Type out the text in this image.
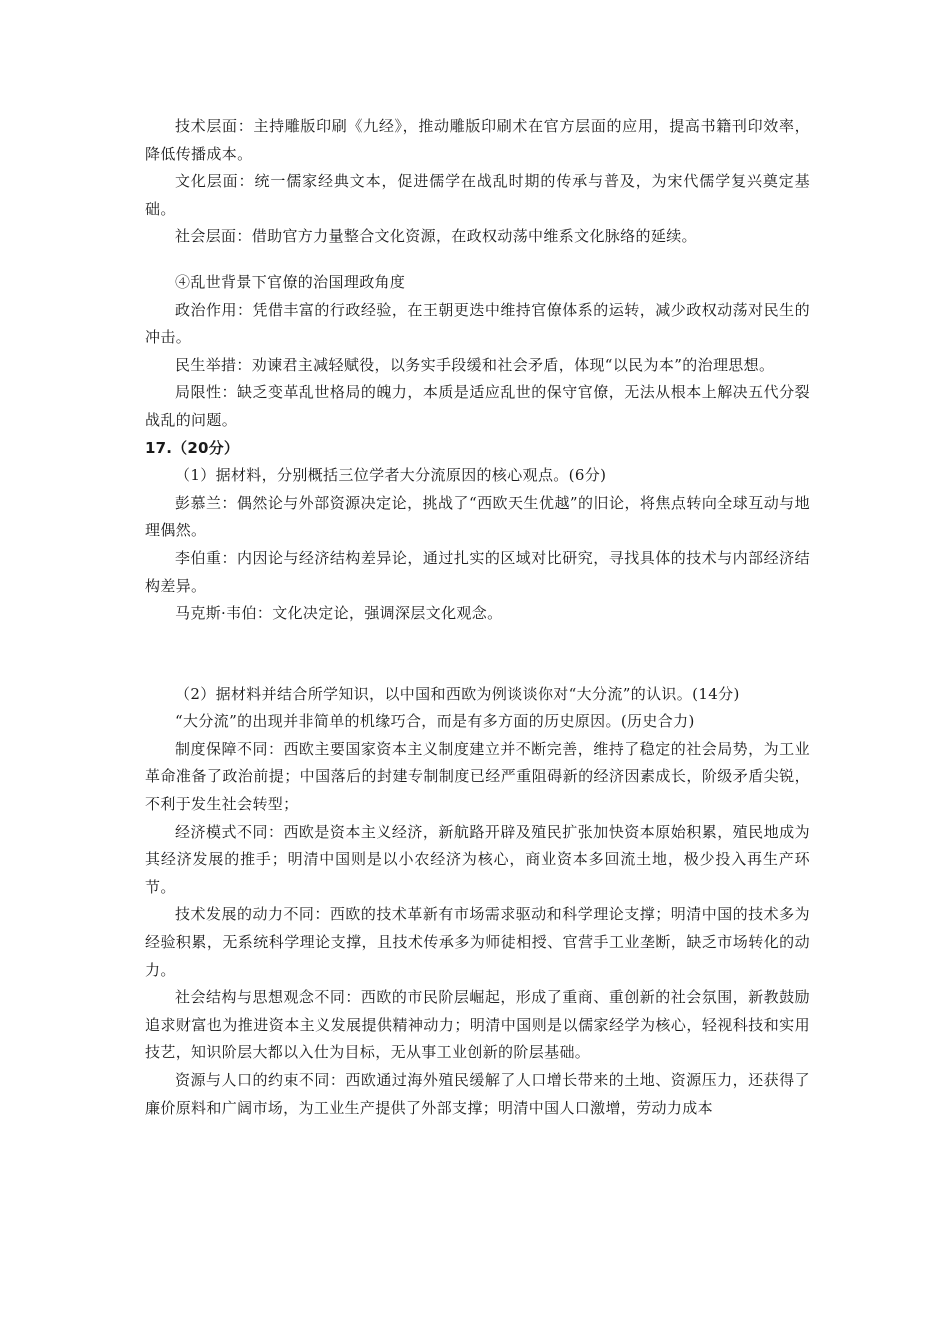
技术层面：主持雕版印刷《九经》，推动雕版印刷术在官方层面的应用，提高书籍刊印效率，降低传播成本。

文化层面：统一儒家经典文本，促进儒学在战乱时期的传承与普及，为宋代儒学复兴奠定基础。

社会层面：借助官方力量整合文化资源，在政权动荡中维系文化脉络的延续。

④乱世背景下官僚的治国理政角度

政治作用：凭借丰富的行政经验，在王朝更迭中维持官僚体系的运转，减少政权动荡对民生的冲击。

民生举措：劝谏君主减轻赋役，以务实手段缓和社会矛盾，体现“以民为本”的治理思想。

局限性：缺乏变革乱世格局的魄力，本质是适应乱世的保守官僚，无法从根本上解决五代分裂战乱的问题。

17.（20分）

（1）据材料，分别概括三位学者大分流原因的核心观点。(6分)

彭慕兰：偶然论与外部资源决定论，挑战了“西欧天生优越”的旧论，将焦点转向全球互动与地理偶然。

李伯重：内因论与经济结构差异论，通过扎实的区域对比研究，寻找具体的技术与内部经济结构差异。

马克斯·韦伯：文化决定论，强调深层文化观念。

（2）据材料并结合所学知识，以中国和西欧为例谈谈你对“大分流”的认识。(14分)

“大分流”的出现并非简单的机缘巧合，而是有多方面的历史原因。(历史合力)

制度保障不同：西欧主要国家资本主义制度建立并不断完善，维持了稳定的社会局势，为工业革命准备了政治前提；中国落后的封建专制制度已经严重阻碍新的经济因素成长，阶级矛盾尖锐，不利于发生社会转型；

经济模式不同：西欧是资本主义经济，新航路开辟及殖民扩张加快资本原始积累，殖民地成为其经济发展的推手；明清中国则是以小农经济为核心，商业资本多回流土地，极少投入再生产环节。

技术发展的动力不同：西欧的技术革新有市场需求驱动和科学理论支撑；明清中国的技术多为经验积累，无系统科学理论支撑，且技术传承多为师徒相授、官营手工业垄断，缺乏市场转化的动力。

社会结构与思想观念不同：西欧的市民阶层崛起，形成了重商、重创新的社会氛围，新教鼓励追求财富也为推进资本主义发展提供精神动力；明清中国则是以儒家经学为核心，轻视科技和实用技艺，知识阶层大都以入仕为目标，无从事工业创新的阶层基础。

资源与人口的约束不同：西欧通过海外殖民缓解了人口增长带来的土地、资源压力，还获得了廉价原料和广阔市场，为工业生产提供了外部支撑；明清中国人口激增，劳动力成本
